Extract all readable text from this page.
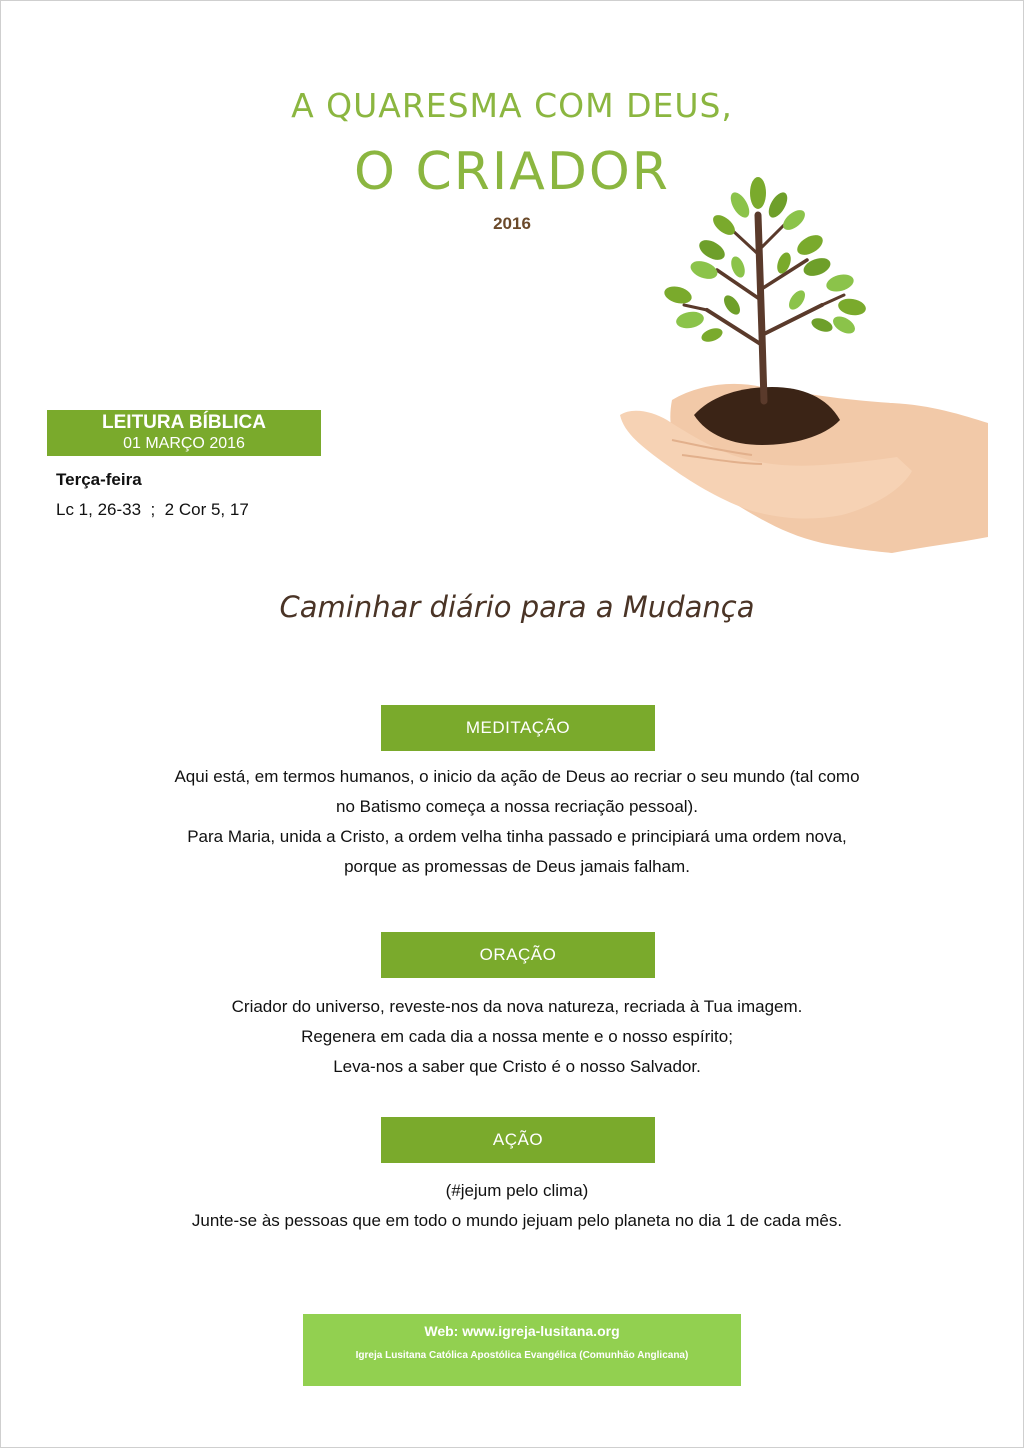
A QUARESMA COM DEUS,
O CRIADOR
2016
LEITURA BÍBLICA
01 MARÇO 2016
Terça-feira
Lc 1, 26-33  ;  2 Cor 5, 17
Caminhar diário para a Mudança
MEDITAÇÃO
Aqui está, em termos humanos, o inicio da ação de Deus ao recriar o seu mundo (tal como
no Batismo começa a nossa recriação pessoal).
Para Maria, unida a Cristo, a ordem velha tinha passado e principiará uma ordem nova,
porque as promessas de Deus jamais falham.
ORAÇÃO
Criador do universo, reveste-nos da nova natureza, recriada à Tua imagem.
Regenera em cada dia a nossa mente e o nosso espírito;
Leva-nos a saber que Cristo é o nosso Salvador.
AÇÃO
(#jejum pelo clima)
Junte-se às pessoas que em todo o mundo jejuam pelo planeta no dia 1 de cada mês.
Web: www.igreja-lusitana.org
Igreja Lusitana Católica Apostólica Evangélica (Comunhão Anglicana)
